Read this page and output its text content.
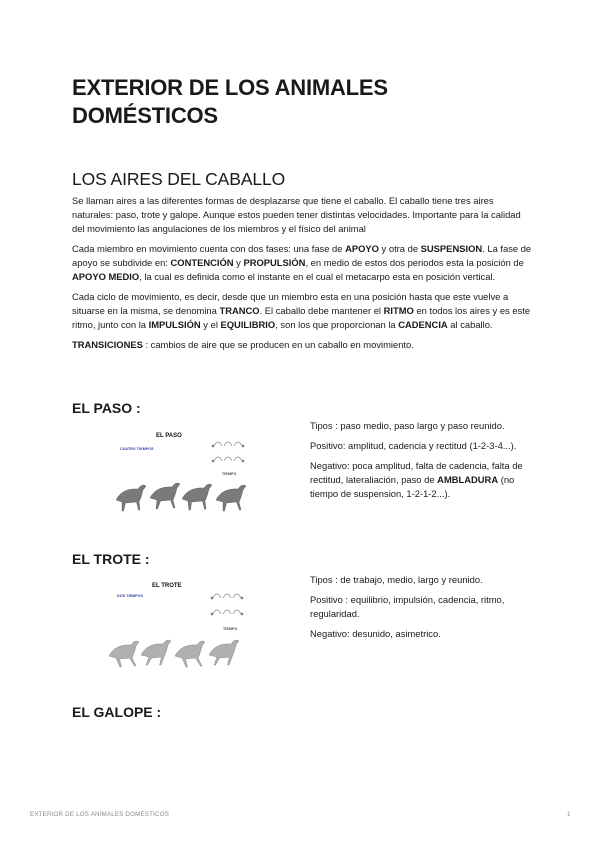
EXTERIOR DE LOS ANIMALES DOMÉSTICOS
LOS AIRES DEL CABALLO

Se llaman aires a las diferentes formas de desplazarse que tiene el caballo. El caballo tiene tres aires naturales: paso, trote y galope. Aunque estos pueden tener distintas velocidades. Importante para la calidad del movimiento las angulaciones de los miembros y el físico del animal

Cada miembro en movimiento cuenta con dos fases: una fase de APOYO y otra de SUSPENSION. La fase de apoyo se subdivide en: CONTENCIÓN y PROPULSIÓN, en medio de estos dos periodos esta la posición de APOYO MEDIO, la cual es definida como el instante en el cual el metacarpo esta en posición vertical.

Cada ciclo de movimiento, es decir, desde que un miembro esta en una posición hasta que este vuelve a situarse en la misma, se denomina TRANCO. El caballo debe mantener el RITMO en todos los aires y es este ritmo, junto con la IMPULSIÓN y el EQUILIBRIO, son los que proporcionan la CADENCIA al caballo.

TRANSICIONES : cambios de aire que se producen en un caballo en movimiento.

EL PASO :
EL PASO
CUATRO TIEMPOS
TIEMPO

Tipos : paso medio, paso largo y paso reunido.

Positivo: amplitud, cadencia y rectitud (1-2-3-4...).

Negativo: poca amplitud, falta de cadencia, falta de rectitud, lateraliación, paso de AMBLADURA (no tiempo de suspension, 1-2-1-2...).

EL TROTE :
EL TROTE
DOS TIEMPOS
TIEMPO

Tipos : de trabajo, medio, largo y reunido.

Positivo : equilibrio, impulsión, cadencia, ritmo, regularidad.

Negativo: desunido, asimetrico.

EL GALOPE :
EXTERIOR DE LOS ANIMALES DOMÉSTICOS	1
